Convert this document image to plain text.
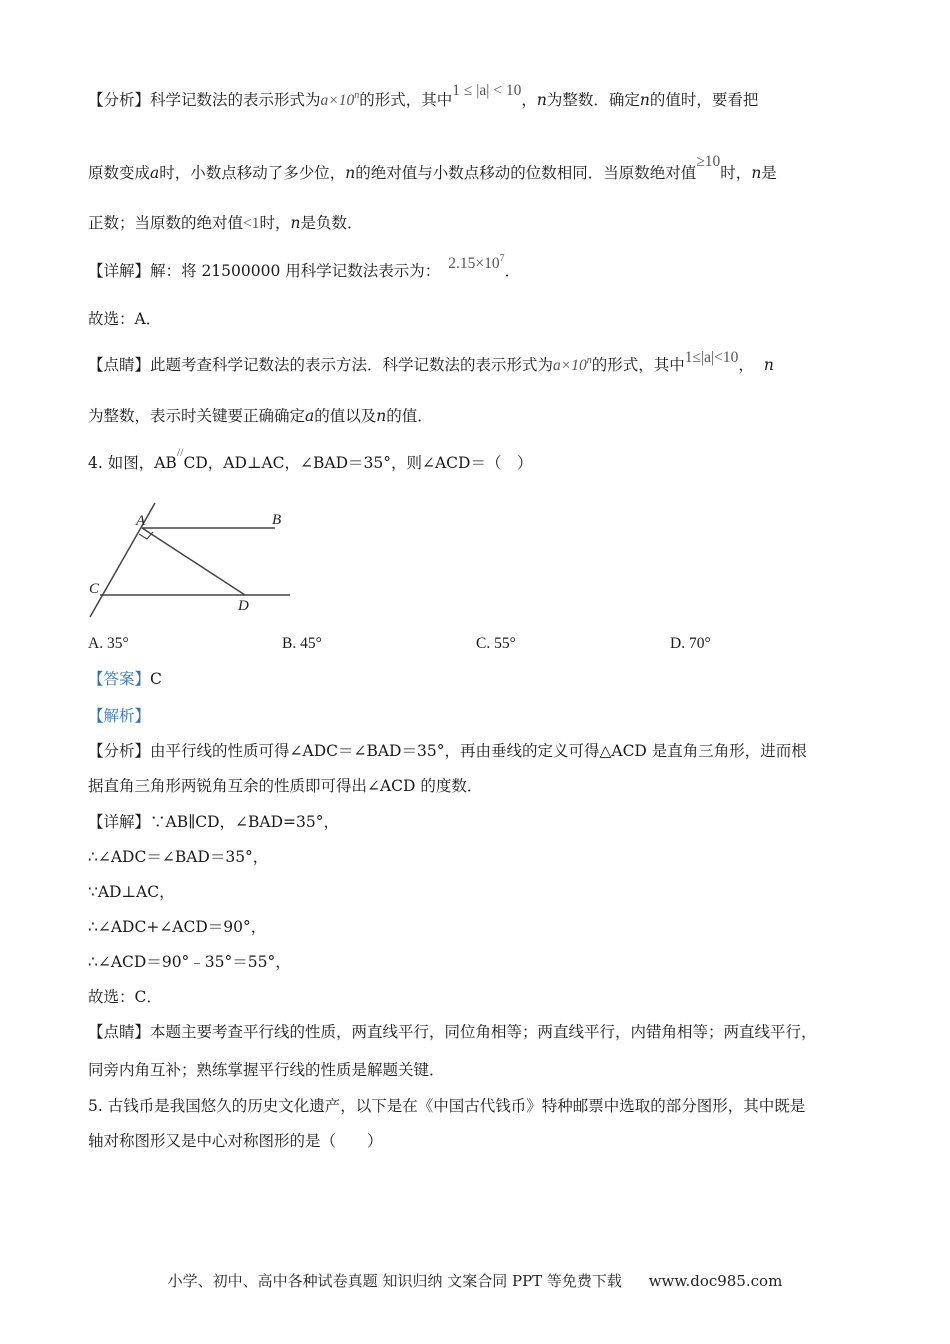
【分析】科学记数法的表示形式为$a\times 10^n$的形式，其中1 ≤ |a| < 10，n为整数．确定n的值时，要看把
原数变成a时，小数点移动了多少位，n的绝对值与小数点移动的位数相同．当原数绝对值≥10时，n是
正数；当原数的绝对值<1时，n是负数．
【详解】解：将 21500000 用科学记数法表示为： $2.15\times 10^7$．
故选：A．
【点睛】此题考查科学记数法的表示方法．科学记数法的表示形式为$a\times 10^n$的形式，其中1≤|a|<10， n
为整数，表示时关键要正确确定a的值以及n的值．
4. 如图，AB//CD，AD⊥AC，∠BAD＝35°，则∠ACD＝（　）
A	B
C
D
A. 35°	B. 45°	C. 55°	D. 70°
【答案】C
【解析】
【分析】由平行线的性质可得∠ADC＝∠BAD＝35°，再由垂线的定义可得△ACD 是直角三角形，进而根
据直角三角形两锐角互余的性质即可得出∠ACD 的度数．
【详解】∵AB∥CD，∠BAD=35°，
∴∠ADC＝∠BAD＝35°，
∵AD⊥AC，
∴∠ADC+∠ACD＝90°，
∴∠ACD＝90°﹣35°＝55°，
故选：C．
【点睛】本题主要考查平行线的性质，两直线平行，同位角相等；两直线平行，内错角相等；两直线平行，
同旁内角互补；熟练掌握平行线的性质是解题关键．
5. 古钱币是我国悠久的历史文化遗产，以下是在《中国古代钱币》特种邮票中选取的部分图形，其中既是
轴对称图形又是中心对称图形的是（　　）
小学、初中、高中各种试卷真题 知识归纳 文案合同 PPT 等免费下载 www.doc985.com
